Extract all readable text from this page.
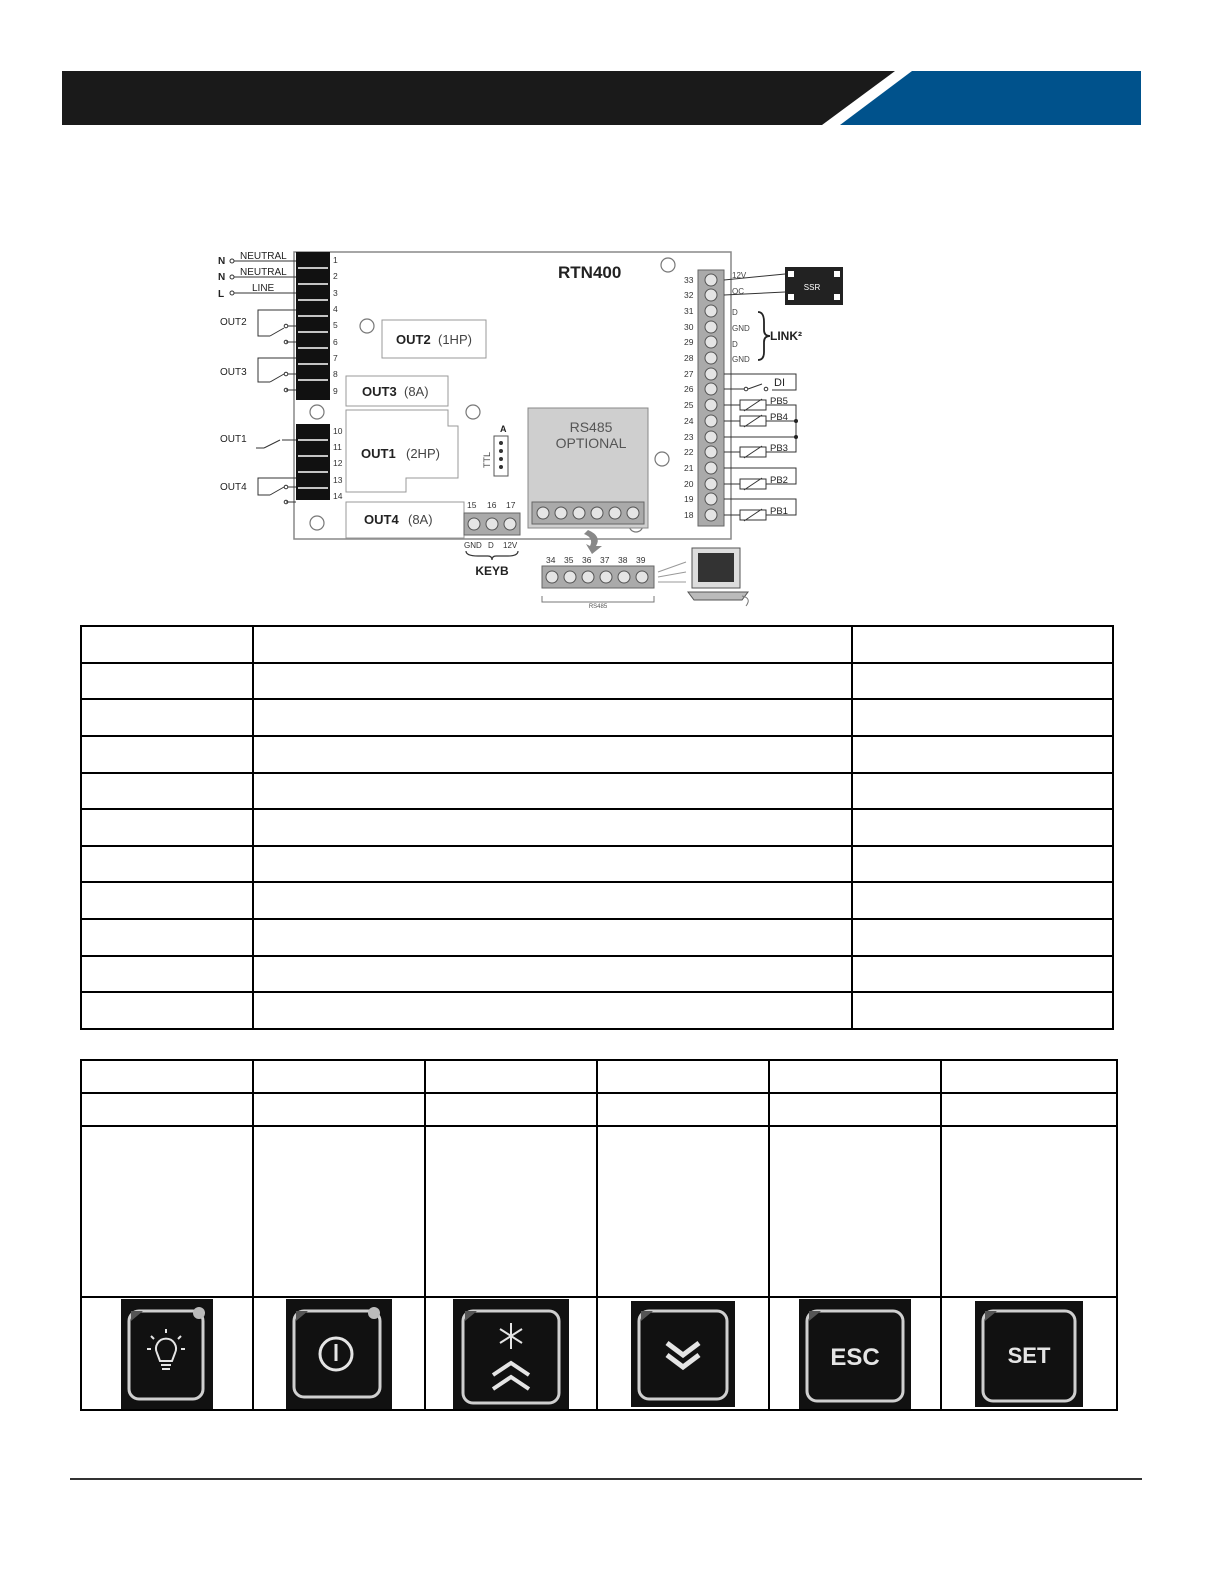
1
2
3
4
5
6
7
8
9
10
11
12
13
14
N NEUTRAL
N NEUTRAL
L
LINE
OUT2
OUT3
OUT1
OUT4
RTN400
OUT2 (1HP)
OUT3 (8A)
OUT1 (2HP)
OUT4 (8A)
A
TTL
RS485
OPTIONAL
15 16 17
GND D 12V
KEYB
34 35 36 37 38 39
RS485
33
32
31
30
29
28
27
26
25
24
23
22
21
20
19
18
12V
OC
D
GND
D
GND
SSR
LINK²
DI
PB5
PB4
PB3
PB2
PB1

ESC	SET
